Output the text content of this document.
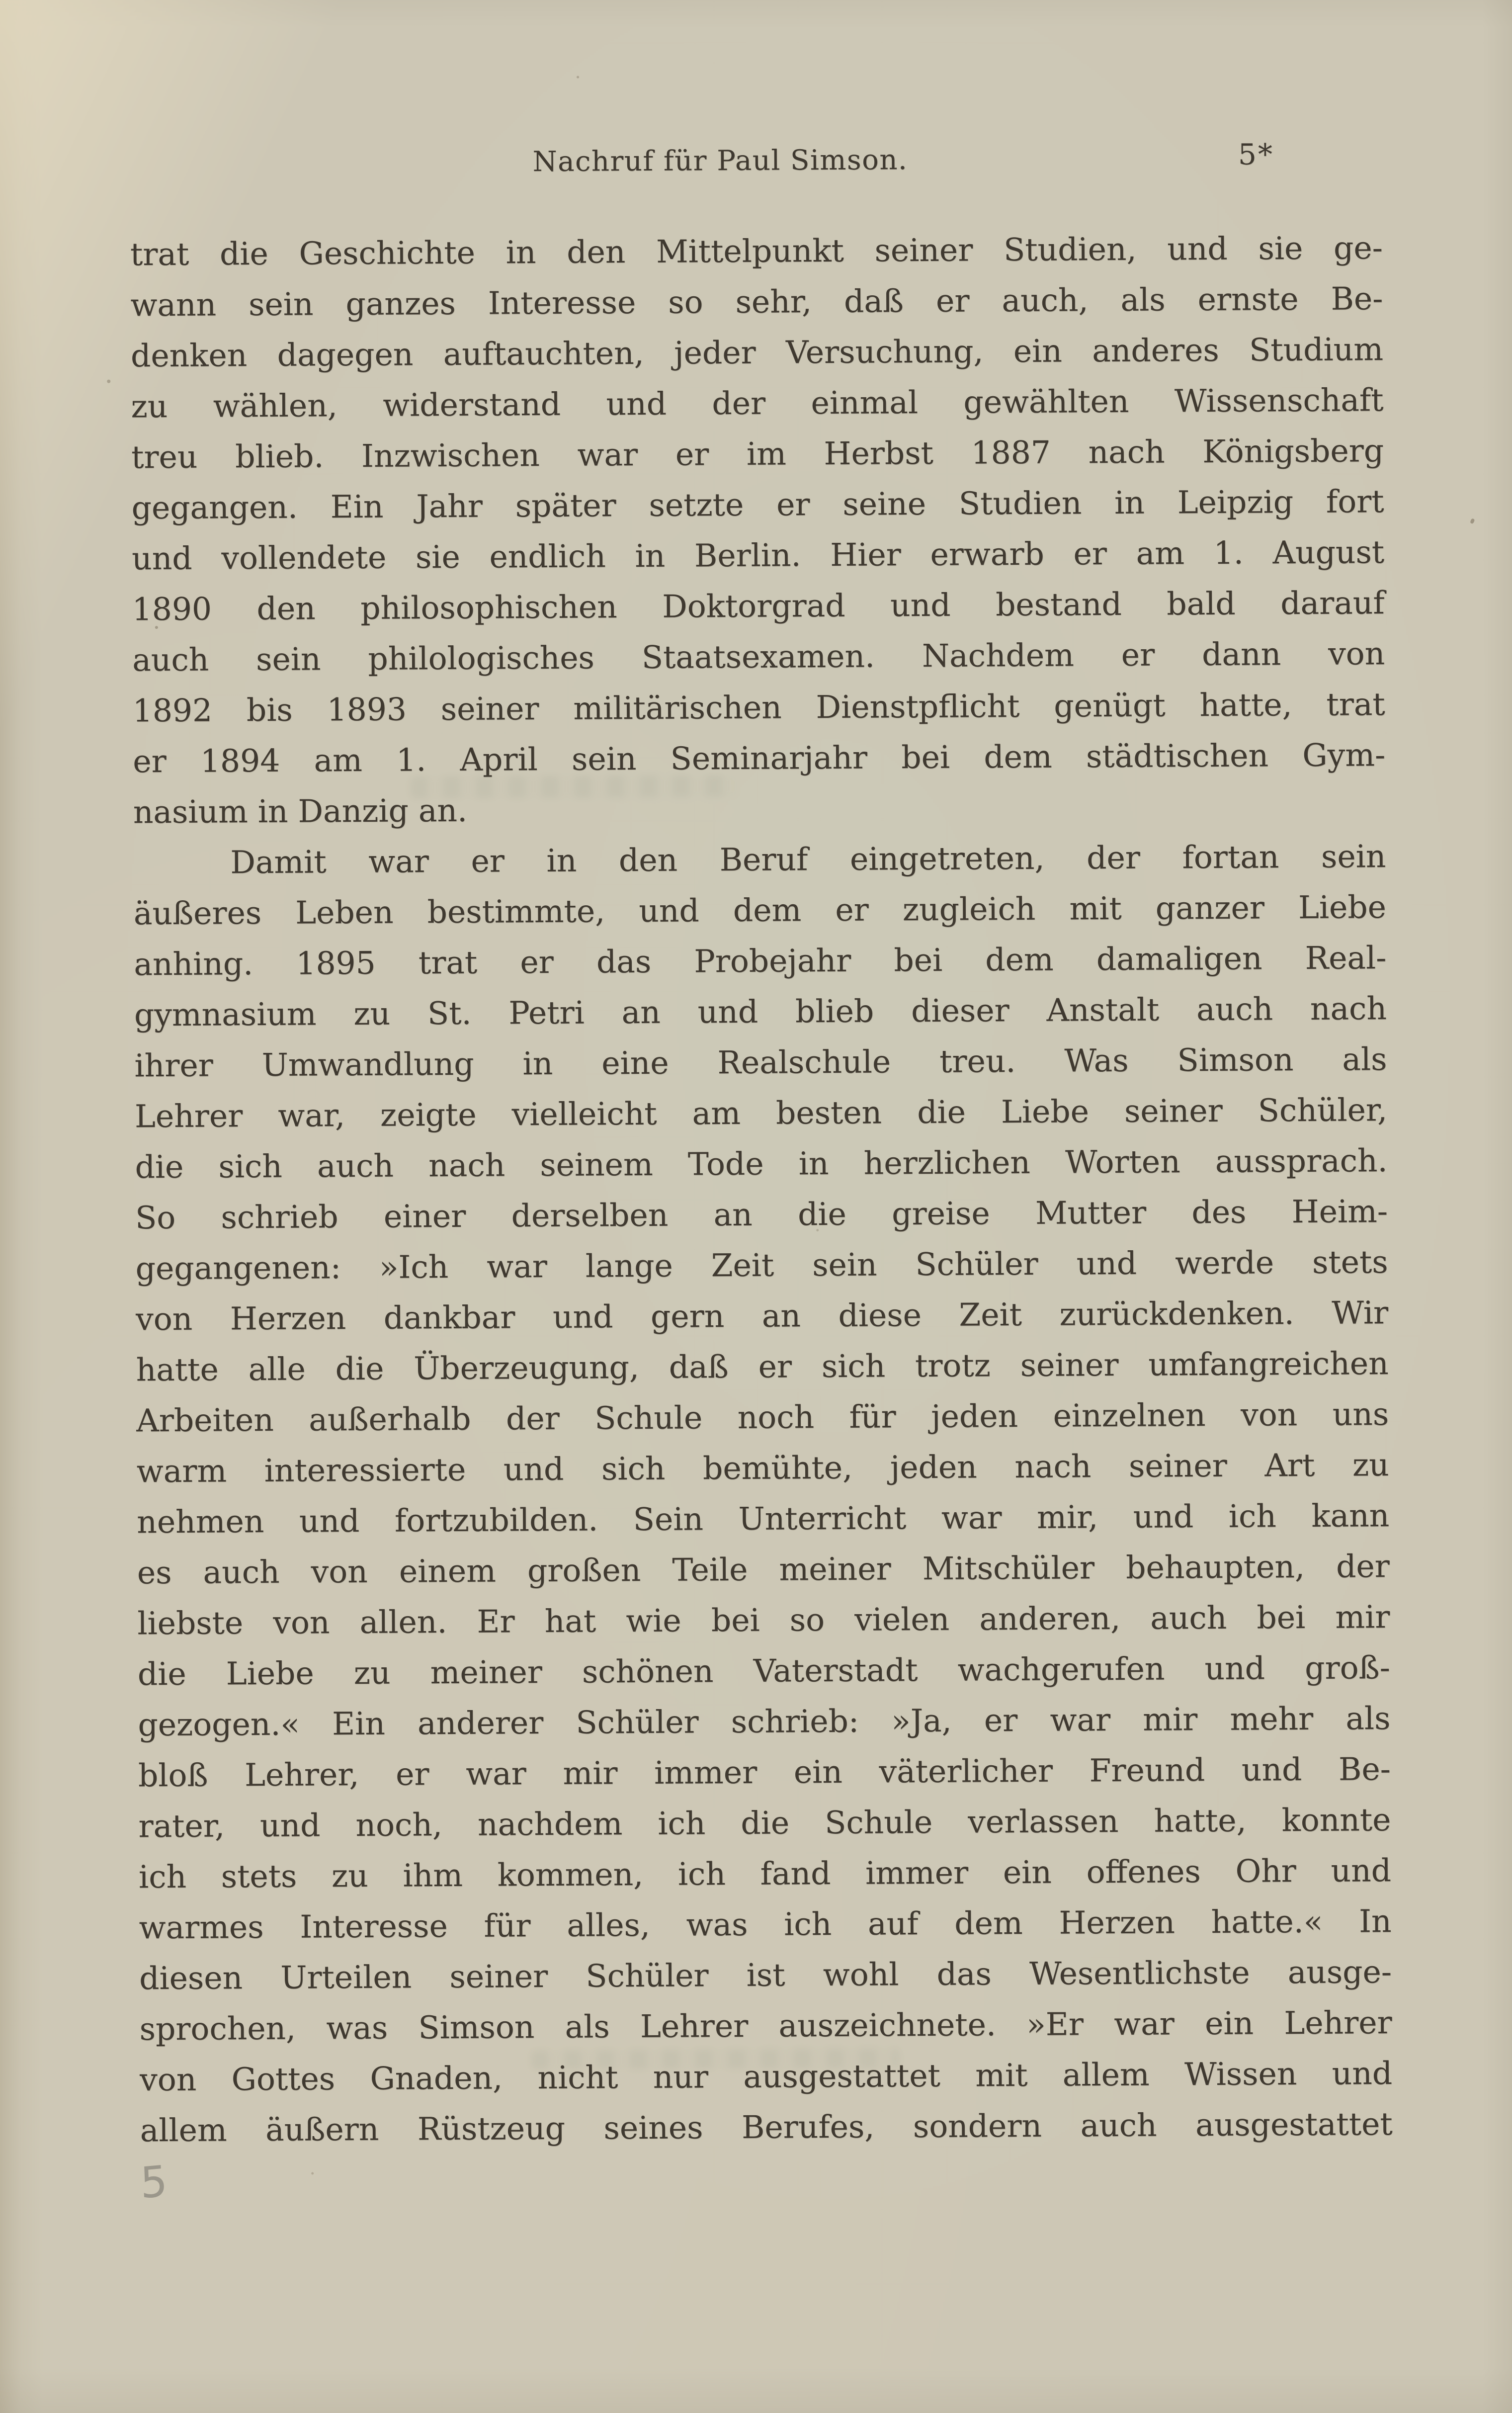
Nachruf für Paul Simson.	5*
trat die Geschichte in den Mittelpunkt seiner Studien, und sie ge-
wann sein ganzes Interesse so sehr, daß er auch, als ernste Be-
denken dagegen auftauchten, jeder Versuchung, ein anderes Studium
zu wählen, widerstand und der einmal gewählten Wissenschaft
treu blieb. Inzwischen war er im Herbst 1887 nach Königsberg
gegangen. Ein Jahr später setzte er seine Studien in Leipzig fort
und vollendete sie endlich in Berlin. Hier erwarb er am 1. August
1890 den philosophischen Doktorgrad und bestand bald darauf
auch sein philologisches Staatsexamen. Nachdem er dann von
1892 bis 1893 seiner militärischen Dienstpflicht genügt hatte, trat
er 1894 am 1. April sein Seminarjahr bei dem städtischen Gym-
nasium in Danzig an.
Damit war er in den Beruf eingetreten, der fortan sein
äußeres Leben bestimmte, und dem er zugleich mit ganzer Liebe
anhing. 1895 trat er das Probejahr bei dem damaligen Real-
gymnasium zu St. Petri an und blieb dieser Anstalt auch nach
ihrer Umwandlung in eine Realschule treu. Was Simson als
Lehrer war, zeigte vielleicht am besten die Liebe seiner Schüler,
die sich auch nach seinem Tode in herzlichen Worten aussprach.
So schrieb einer derselben an die greise Mutter des Heim-
gegangenen: »Ich war lange Zeit sein Schüler und werde stets
von Herzen dankbar und gern an diese Zeit zurückdenken. Wir
hatte alle die Überzeugung, daß er sich trotz seiner umfangreichen
Arbeiten außerhalb der Schule noch für jeden einzelnen von uns
warm interessierte und sich bemühte, jeden nach seiner Art zu
nehmen und fortzubilden. Sein Unterricht war mir, und ich kann
es auch von einem großen Teile meiner Mitschüler behaupten, der
liebste von allen. Er hat wie bei so vielen anderen, auch bei mir
die Liebe zu meiner schönen Vaterstadt wachgerufen und groß-
gezogen.« Ein anderer Schüler schrieb: »Ja, er war mir mehr als
bloß Lehrer, er war mir immer ein väterlicher Freund und Be-
rater, und noch, nachdem ich die Schule verlassen hatte, konnte
ich stets zu ihm kommen, ich fand immer ein offenes Ohr und
warmes Interesse für alles, was ich auf dem Herzen hatte.« In
diesen Urteilen seiner Schüler ist wohl das Wesentlichste ausge-
sprochen, was Simson als Lehrer auszeichnete. »Er war ein Lehrer
von Gottes Gnaden, nicht nur ausgestattet mit allem Wissen und
allem äußern Rüstzeug seines Berufes, sondern auch ausgestattet
5
